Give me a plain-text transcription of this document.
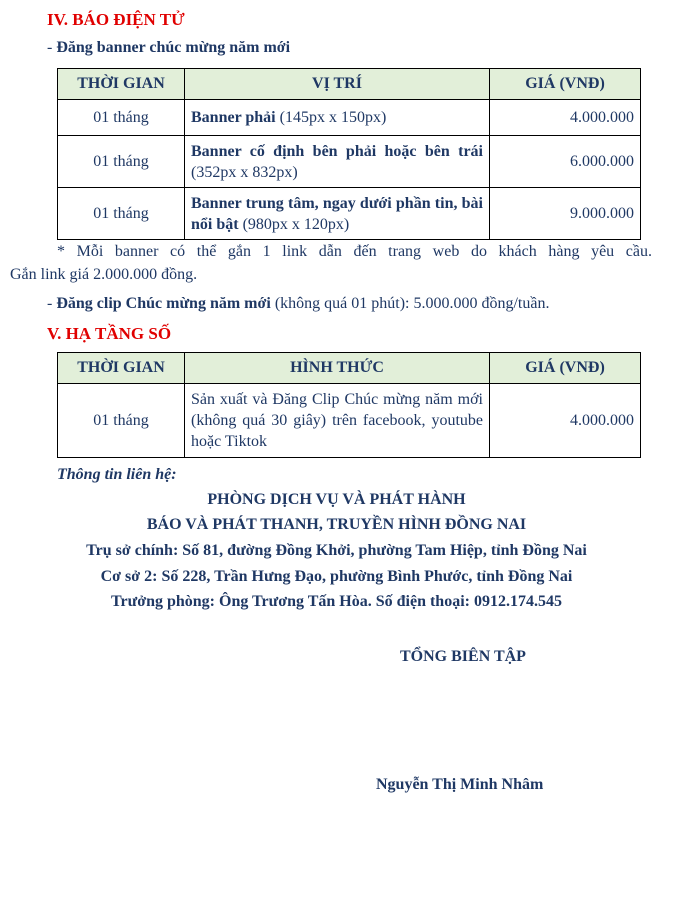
IV. BÁO ĐIỆN TỬ
- Đăng banner chúc mừng năm mới
THỜI GIAN	VỊ TRÍ	GIÁ (VNĐ)
01 tháng	Banner phải (145px x 150px)	4.000.000
01 tháng	Banner cố định bên phải hoặc bên trái (352px x 832px)	6.000.000
01 tháng	Banner trung tâm, ngay dưới phần tin, bài nổi bật (980px x 120px)	9.000.000
* Mỗi banner có thể gắn 1 link dẫn đến trang web do khách hàng yêu cầu.
Gắn link giá 2.000.000 đồng.
- Đăng clip Chúc mừng năm mới (không quá 01 phút): 5.000.000 đồng/tuần.
V. HẠ TẦNG SỐ
THỜI GIAN	HÌNH THỨC	GIÁ (VNĐ)
01 tháng	Sản xuất và Đăng Clip Chúc mừng năm mới (không quá 30 giây) trên facebook, youtube hoặc Tiktok	4.000.000
Thông tin liên hệ:
PHÒNG DỊCH VỤ VÀ PHÁT HÀNH
BÁO VÀ PHÁT THANH, TRUYỀN HÌNH ĐỒNG NAI
Trụ sở chính: Số 81, đường Đồng Khởi, phường Tam Hiệp, tỉnh Đồng Nai
Cơ sở 2: Số 228, Trần Hưng Đạo, phường Bình Phước, tỉnh Đồng Nai
Trưởng phòng: Ông Trương Tấn Hòa. Số điện thoại: 0912.174.545
TỔNG BIÊN TẬP
Nguyễn Thị Minh Nhâm
